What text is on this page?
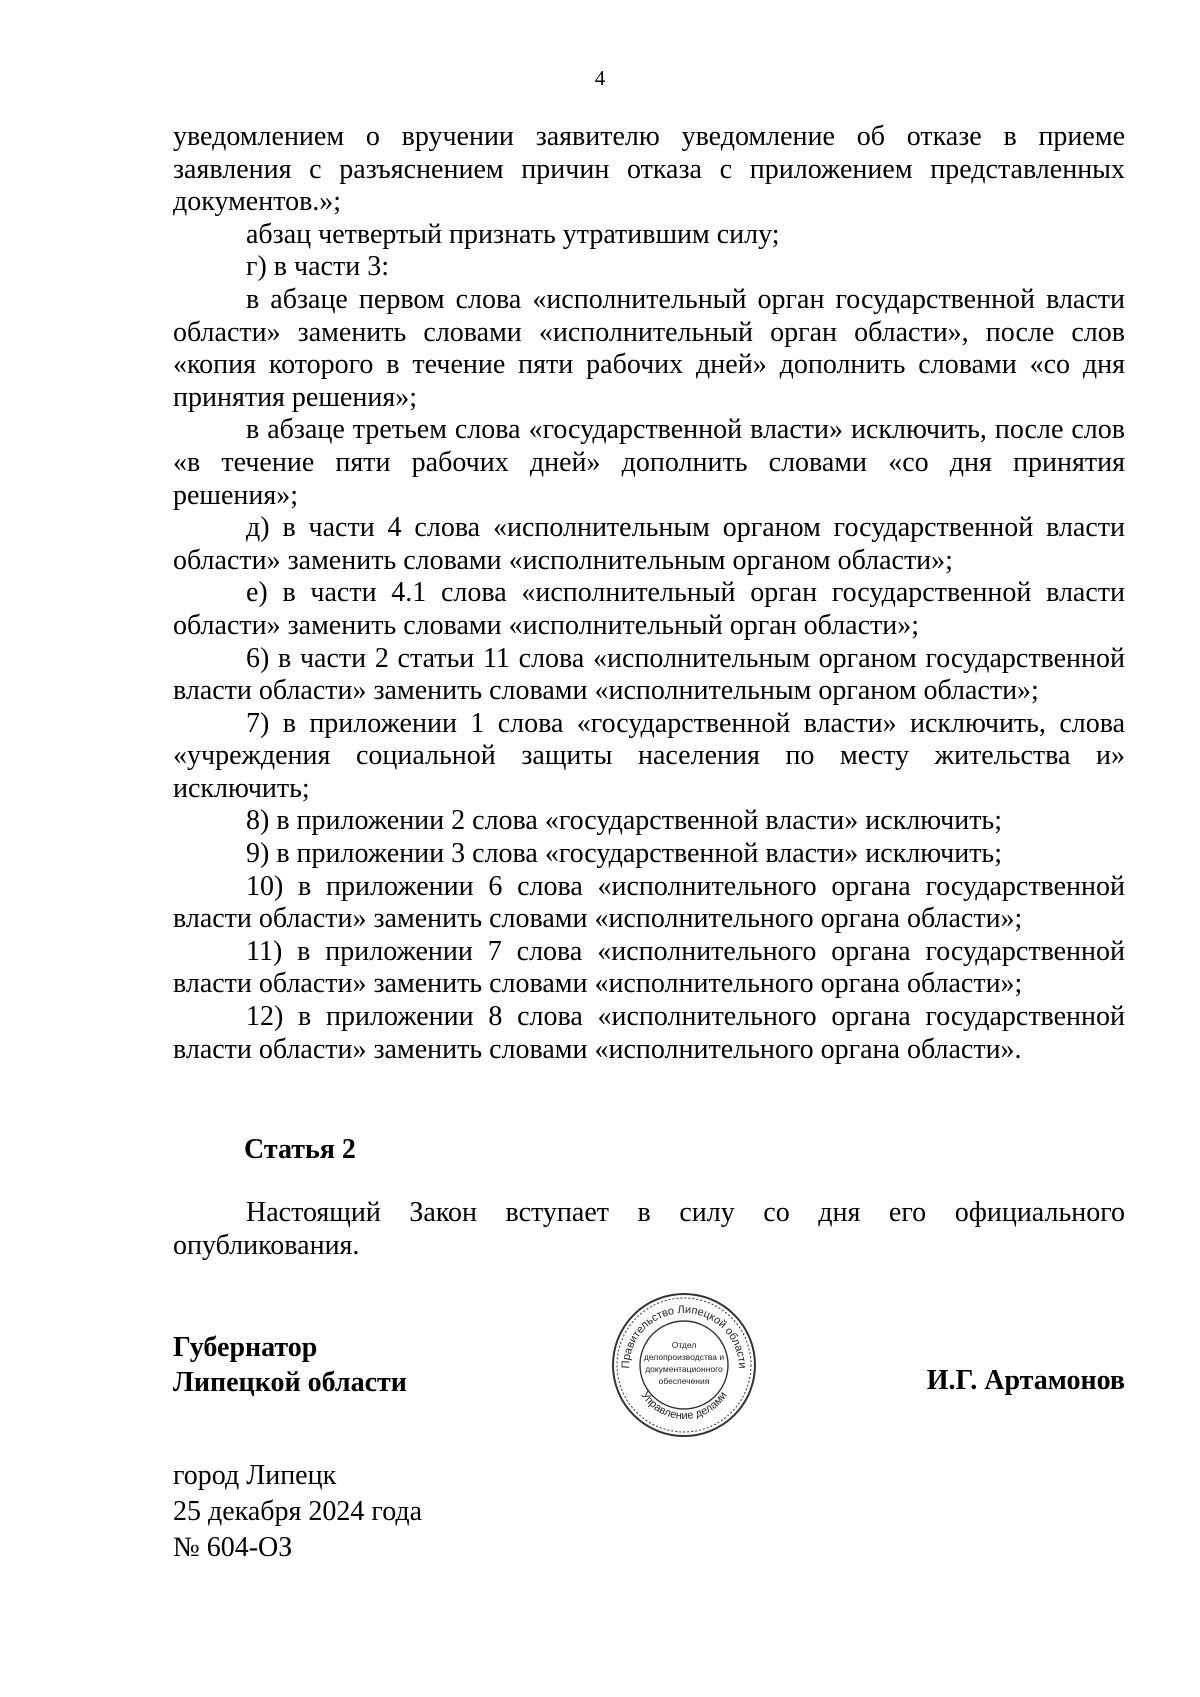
4

уведомлением о вручении заявителю уведомление об отказе в приеме заявления с разъяснением причин отказа с приложением представленных документов.»;

абзац четвертый признать утратившим силу;

г) в части 3:

в абзаце первом слова «исполнительный орган государственной власти области» заменить словами «исполнительный орган области», после слов «копия которого в течение пяти рабочих дней» дополнить словами «со дня принятия решения»;

в абзаце третьем слова «государственной власти» исключить, после слов «в течение пяти рабочих дней» дополнить словами «со дня принятия решения»;

д) в части 4 слова «исполнительным органом государственной власти области» заменить словами «исполнительным органом области»;

е) в части 4.1 слова «исполнительный орган государственной власти области» заменить словами «исполнительный орган области»;

6) в части 2 статьи 11 слова «исполнительным органом государственной власти области» заменить словами «исполнительным органом области»;

7) в приложении 1 слова «государственной власти» исключить, слова «учреждения социальной защиты населения по месту жительства и» исключить;

8) в приложении 2 слова «государственной власти» исключить;

9) в приложении 3 слова «государственной власти» исключить;

10) в приложении 6 слова «исполнительного органа государственной власти области» заменить словами «исполнительного органа области»;

11) в приложении 7 слова «исполнительного органа государственной власти области» заменить словами «исполнительного органа области»;

12) в приложении 8 слова «исполнительного органа государственной власти области» заменить словами «исполнительного органа области».

Статья 2

Настоящий Закон вступает в силу со дня его официального опубликования.

Губернатор
Липецкой области
Правительство Липецкой области
Управление делами
Отдел
делопроизводства и
документационного
обеспечения	И.Г. Артамонов
город Липецк
25 декабря 2024 года
№ 604-ОЗ
